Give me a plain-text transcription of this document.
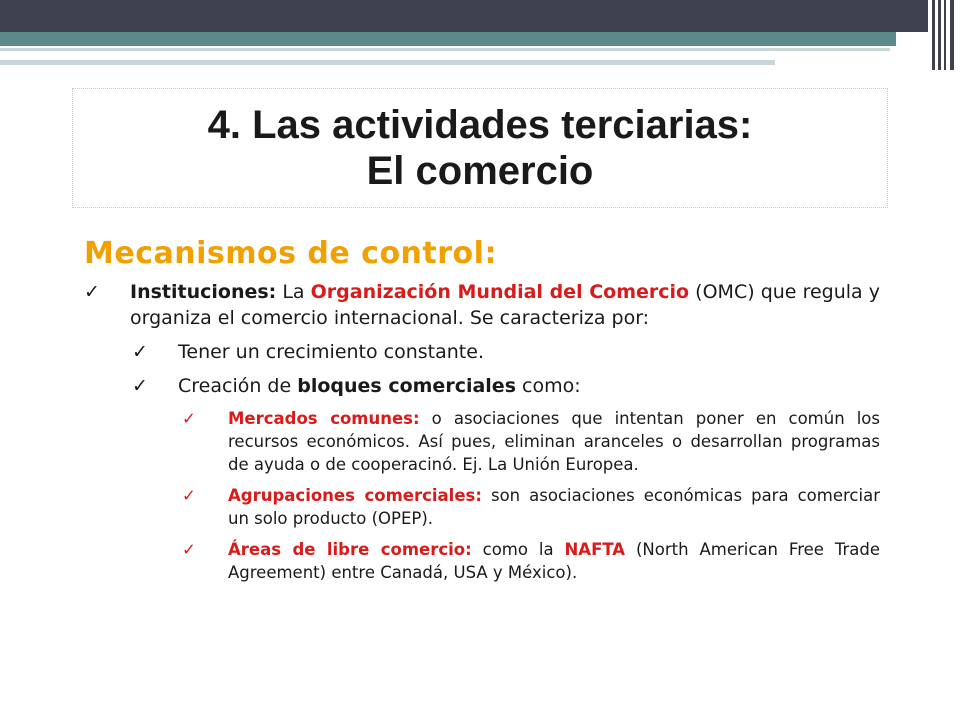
4. Las actividades terciarias:
El comercio
Mecanismos de control:
✓ Instituciones: La Organización Mundial del Comercio (OMC) que regula y organiza el comercio internacional. Se caracteriza por:
✓ Tener un crecimiento constante.
✓ Creación de bloques comerciales como:
✓ Mercados comunes: o asociaciones que intentan poner en común los recursos económicos. Así pues, eliminan aranceles o desarrollan programas de ayuda o de cooperacinó. Ej. La Unión Europea.
✓ Agrupaciones comerciales: son asociaciones económicas para comerciar un solo producto (OPEP).
✓ Áreas de libre comercio: como la NAFTA (North American Free Trade Agreement) entre Canadá, USA y México).
